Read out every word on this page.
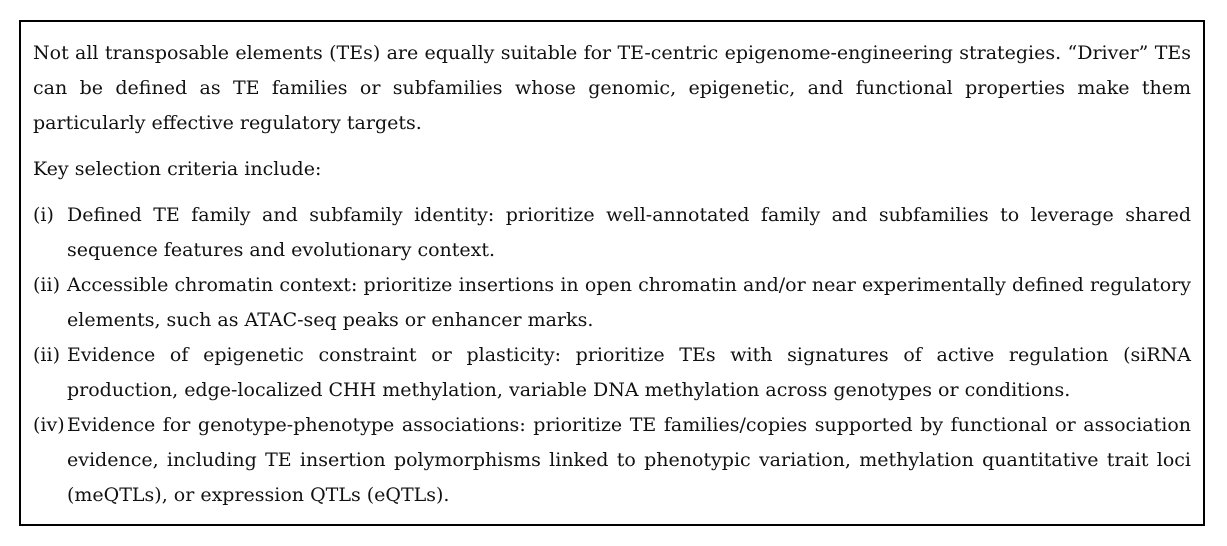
Not all transposable elements (TEs) are equally suitable for TE-centric epigenome-engineering strategies. “Driver” TEs can be defined as TE families or subfamilies whose genomic, epigenetic, and functional properties make them particularly effective regulatory targets.

Key selection criteria include:

(i) Defined TE family and subfamily identity: prioritize well-annotated family and subfamilies to leverage shared sequence features and evolutionary context.
(ii) Accessible chromatin context: prioritize insertions in open chromatin and/or near experimentally defined regulatory elements, such as ATAC-seq peaks or enhancer marks.
(ii) Evidence of epigenetic constraint or plasticity: prioritize TEs with signatures of active regulation (siRNA production, edge-localized CHH methylation, variable DNA methylation across genotypes or conditions.
(iv) Evidence for genotype-phenotype associations: prioritize TE families/copies supported by functional or association evidence, including TE insertion polymorphisms linked to phenotypic variation, methylation quantitative trait loci (meQTLs), or expression QTLs (eQTLs).
